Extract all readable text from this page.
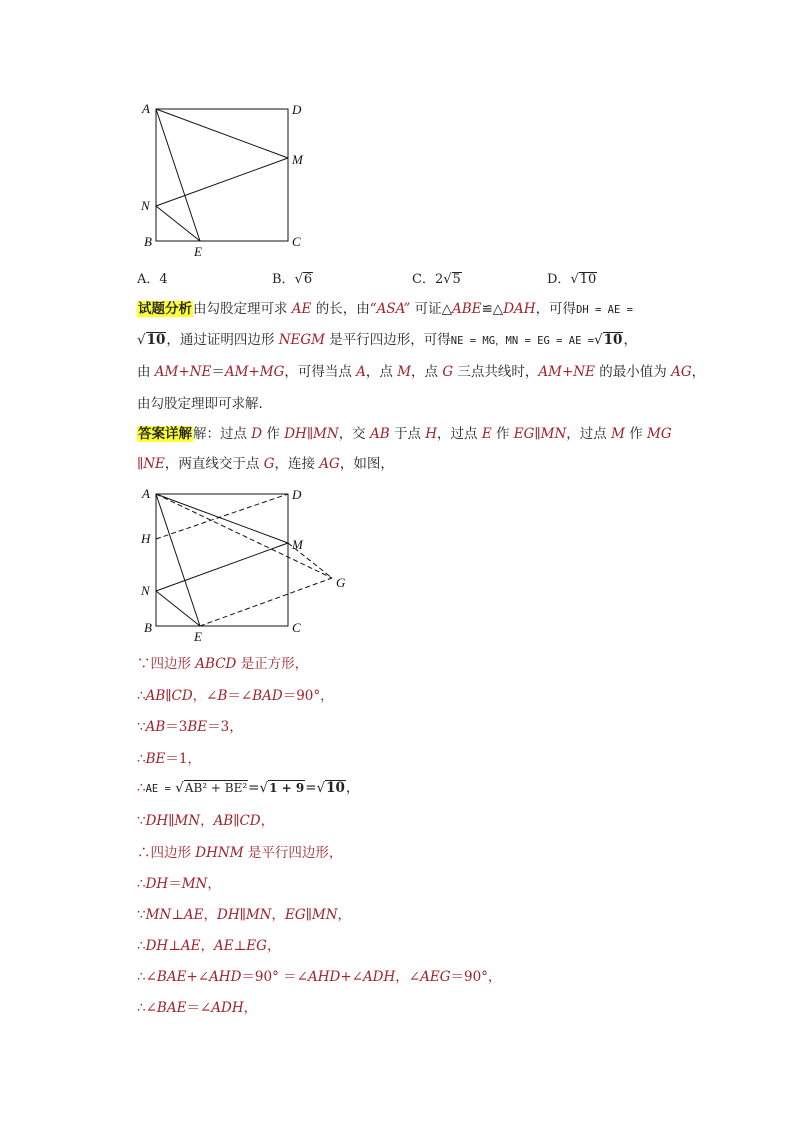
A	D
M
N
B	C
E
A．4	B．√6	C．2√5	D．√10
试题分析由勾股定理可求 AE 的长，由“ASA” 可证△ABE≌△DAH，可得DH = AE =
√10，通过证明四边形 NEGM 是平行四边形，可得NE = MG，MN = EG = AE =√10，
由 AM+NE＝AM+MG，可得当点 A，点 M，点 G 三点共线时，AM+NE 的最小值为 AG，
由勾股定理即可求解．
答案详解解：过点 D 作 DH∥MN，交 AB 于点 H，过点 E 作 EG∥MN，过点 M 作 MG
∥NE，两直线交于点 G，连接 AG，如图，
A	D
H	M
G
N
B	C
E
∵四边形 ABCD 是正方形，
∴AB∥CD，∠B＝∠BAD＝90°，
∵AB＝3BE＝3，
∴BE＝1，
∴AE = √AB² + BE²=√1 + 9=√10，
∵DH∥MN，AB∥CD，
∴四边形 DHNM 是平行四边形，
∴DH＝MN，
∵MN⊥AE，DH∥MN，EG∥MN，
∴DH⊥AE，AE⊥EG，
∴∠BAE+∠AHD＝90° ＝∠AHD+∠ADH，∠AEG＝90°，
∴∠BAE＝∠ADH，
